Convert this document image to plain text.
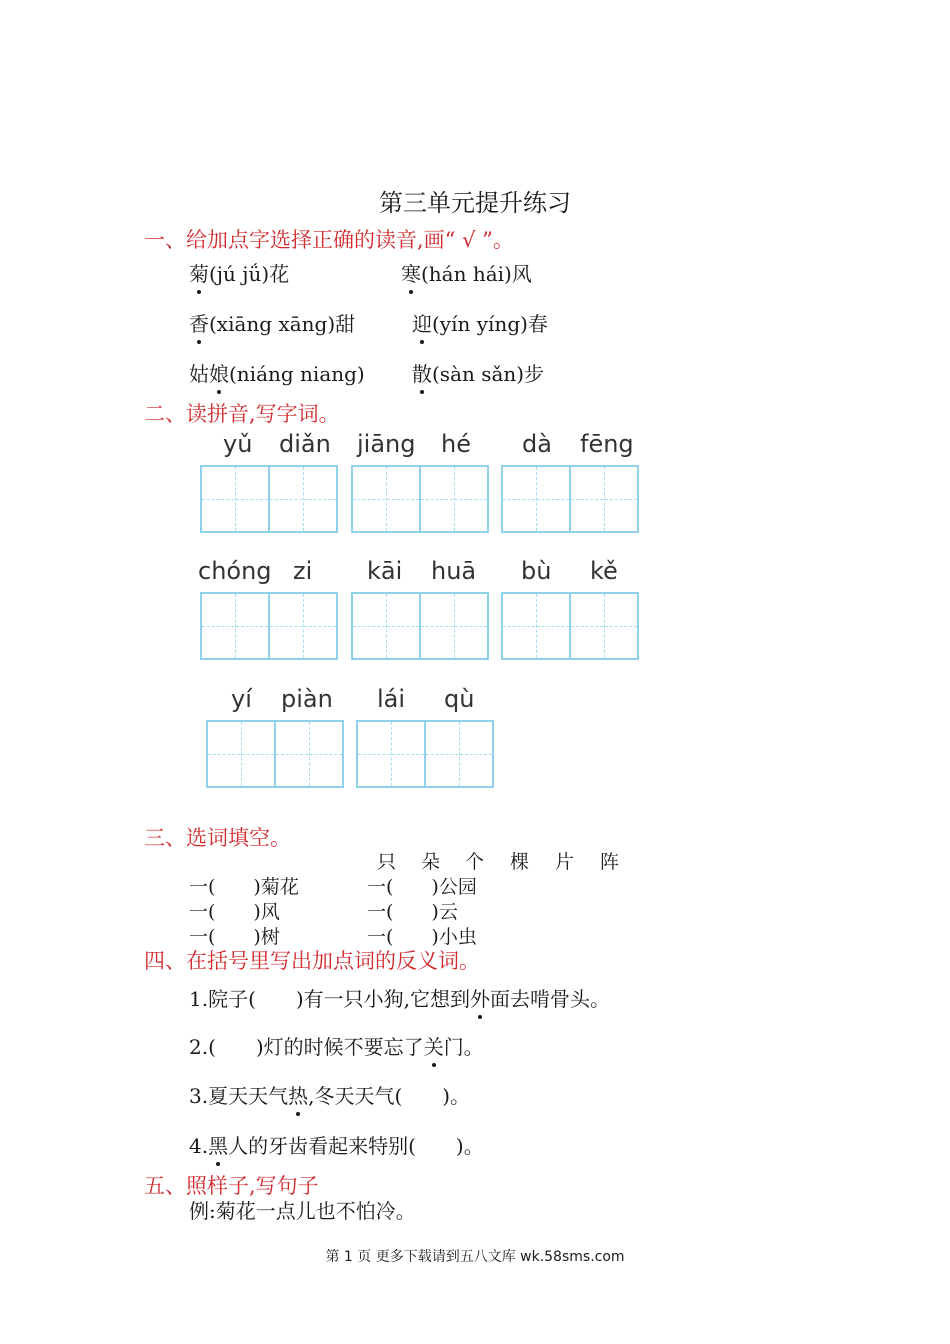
第三单元提升练习
一、给加点字选择正确的读音,画“ √ ”。
菊(jú jǘ)花	寒(hán hái)风
香(xiāng xāng)甜	迎(yín yíng)春
姑娘(niáng niang) 散(sàn sǎn)步
二、读拼音,写字词。
yǔ diǎn jiāng hé dà fēng
chóng zi kāi huā bù kě
yí piàn lái qù
三、选词填空。
只 朵 个 棵 片 阵
一(　　)菊花
一(　　)风
一(　　)树
一(　　)公园
一(　　)云
一(　　)小虫
四、在括号里写出加点词的反义词。
1.院子(　　)有一只小狗,它想到外面去啃骨头。
2.(　　)灯的时候不要忘了关门。
3.夏天天气热,冬天天气(　　)。
4.黑人的牙齿看起来特别(　　)。
五、照样子,写句子
例:菊花一点儿也不怕冷。
第 1 页 更多下载请到五八文库 wk.58sms.com
